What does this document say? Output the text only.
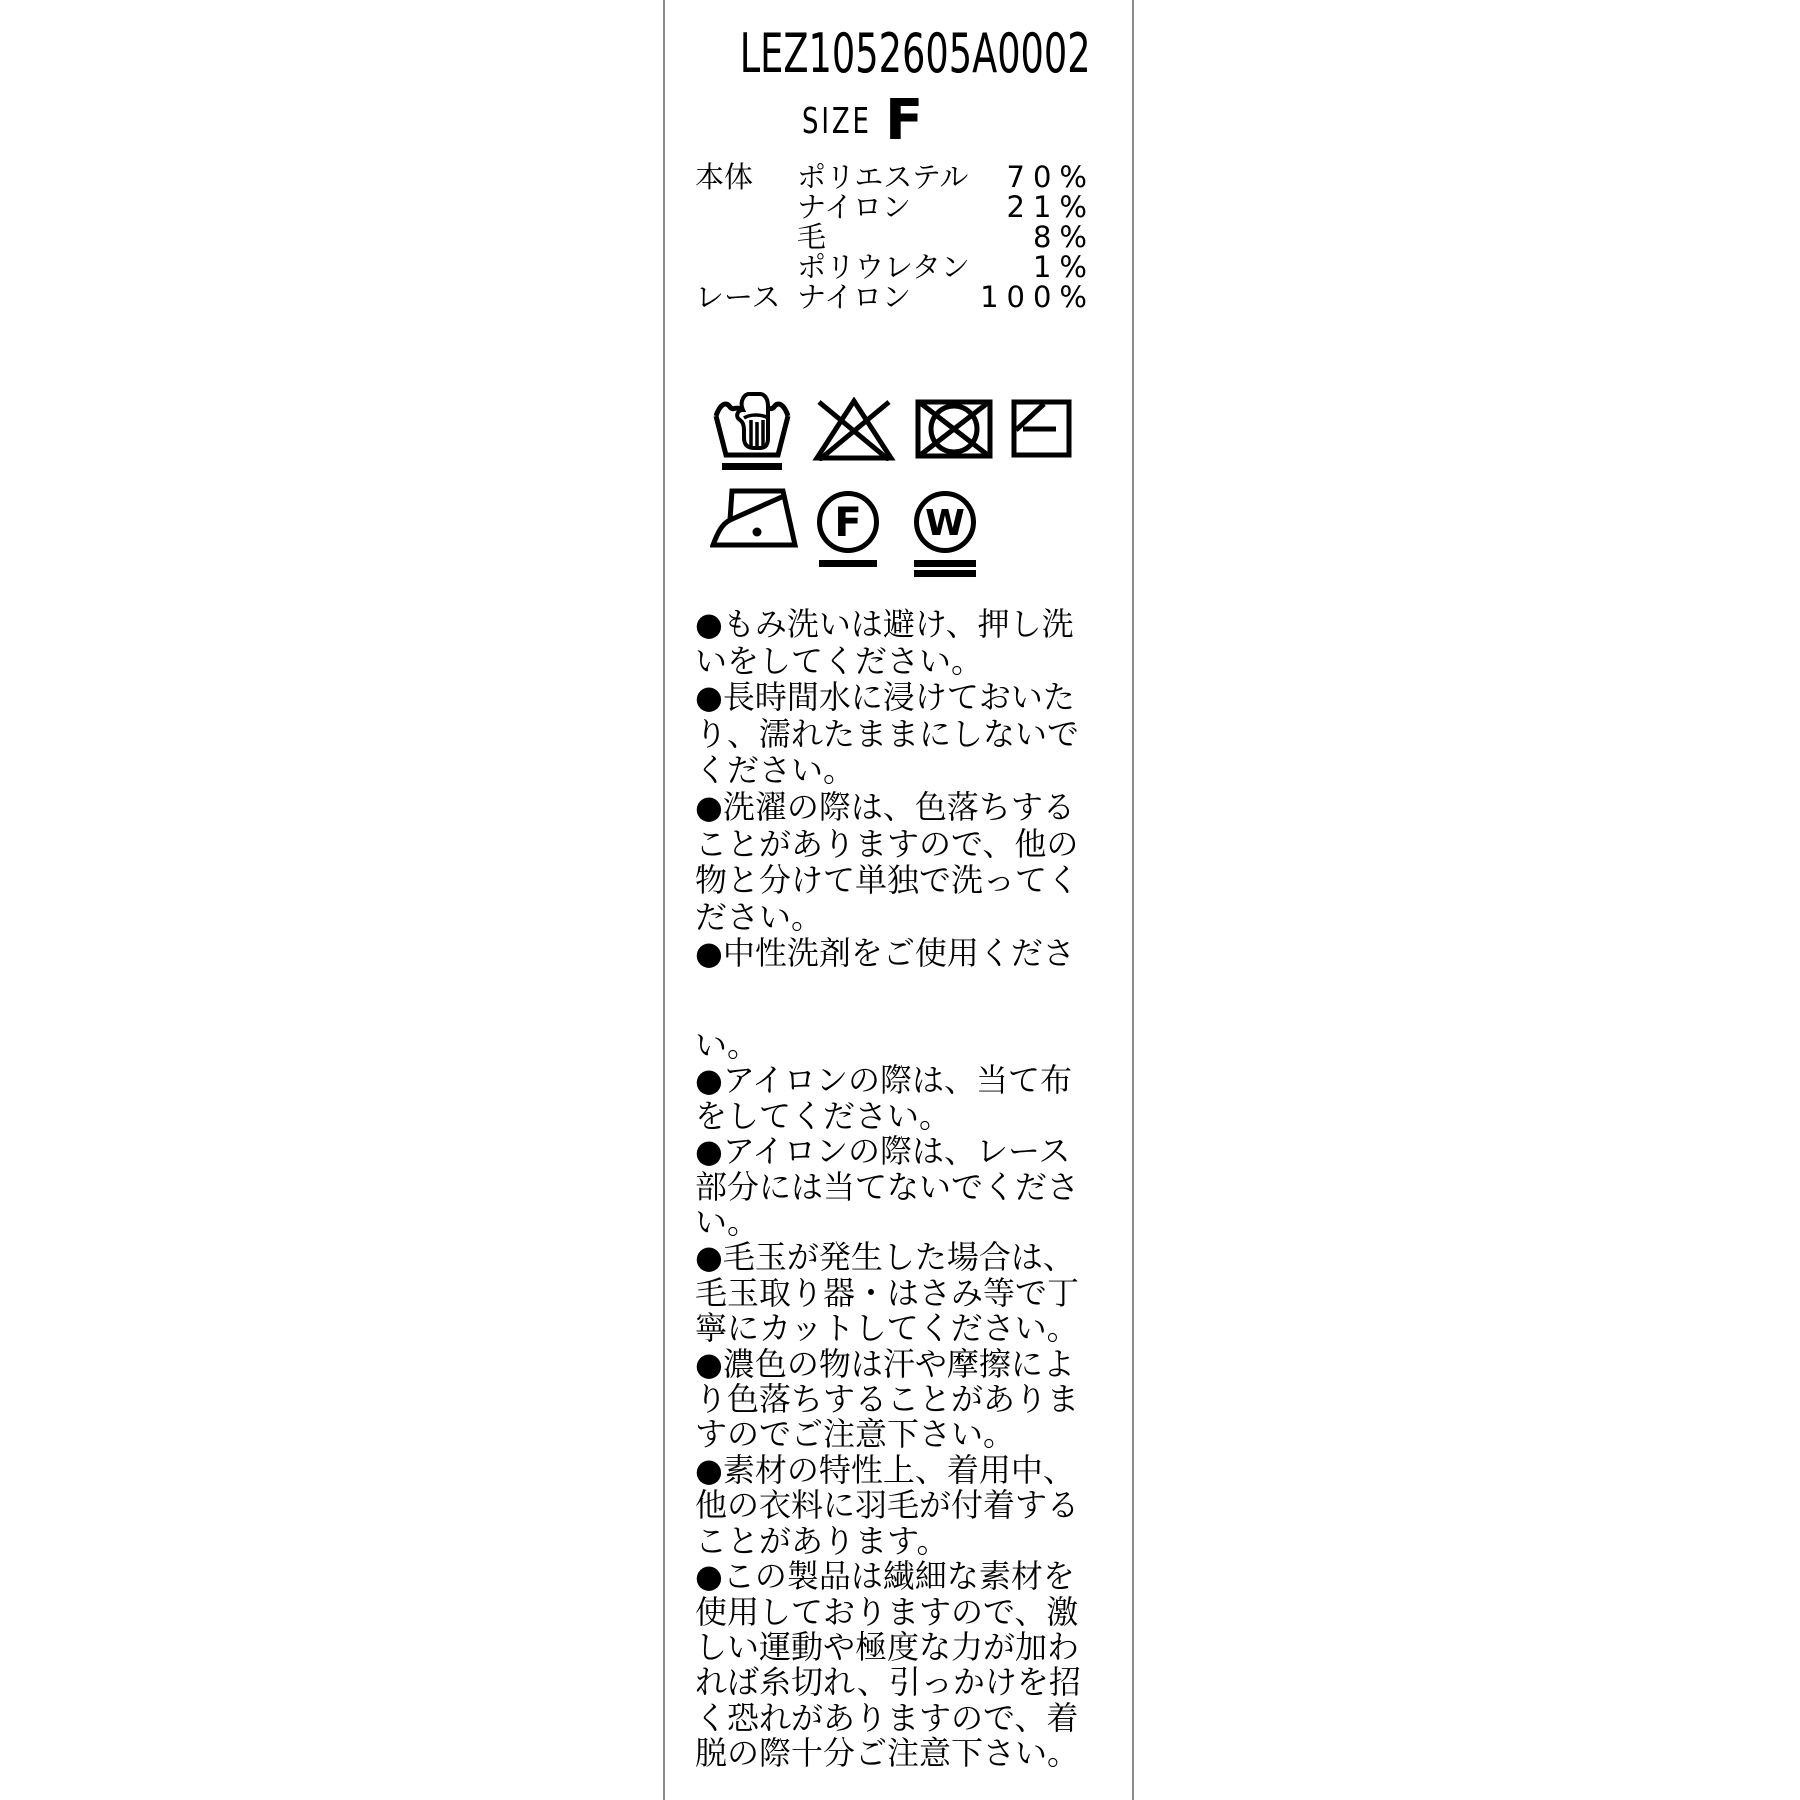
LEZ1052605A0002
SIZE F
本体	ポリエステル	70%
ナイロン	21%
毛	8%
ポリウレタン	1%
レース ナイロン	100%
F W
●もみ洗いは避け、押し洗
いをしてください。
●長時間水に浸けておいた
り、濡れたままにしないで
ください。
●洗濯の際は、色落ちする
ことがありますので、他の
物と分けて単独で洗ってく
ださい。
●中性洗剤をご使用くださ
い。
●アイロンの際は、当て布
をしてください。
●アイロンの際は、レース
部分には当てないでくださ
い。
●毛玉が発生した場合は、
毛玉取り器・はさみ等で丁
寧にカットしてください。
●濃色の物は汗や摩擦によ
り色落ちすることがありま
すのでご注意下さい。
●素材の特性上、着用中、
他の衣料に羽毛が付着する
ことがあります。
●この製品は繊細な素材を
使用しておりますので、激
しい運動や極度な力が加わ
れば糸切れ、引っかけを招
く恐れがありますので、着
脱の際十分ご注意下さい。
